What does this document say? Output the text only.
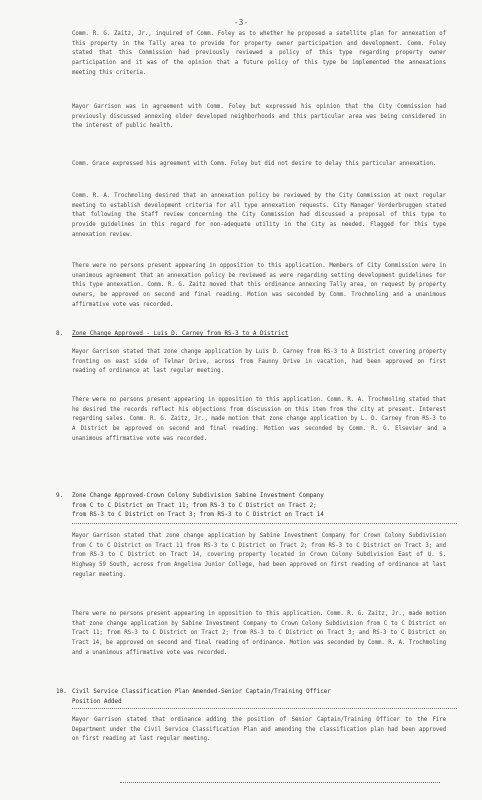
-3-

Comm. R. G. Zaitz, Jr., inquired of Comm. Foley as to whether he proposed a satellite plan for annexation of this property in the Tally area to provide for property owner participation and development. Comm. Foley stated that this Commission had previously reviewed a policy of this type regarding property owner participation and it was of the opinion that a future policy of this type be implemented the annexations meeting this criteria.

Mayor Garrison was in agreement with Comm. Foley but expressed his opinion that the City Commission had previously discussed annexing older developed neighborhoods and this particular area was being considered in the interest of public health.

Comm. Grace expressed his agreement with Comm. Foley but did not desire to delay this particular annexation.

Comm. R. A. Trochmoling desired that an annexation policy be reviewed by the City Commission at next regular meeting to establish development criteria for all type annexation requests. City Manager Vorderbruggen stated that following the Staff review concerning the City Commission had discussed a proposal of this type to provide guidelines in this regard for non-adequate utility in the City as needed. Flagged for this type annexation review.

There were no persons present appearing in opposition to this application. Members of City Commission were in unanimous agreement that an annexation policy be reviewed as were regarding setting development guidelines for this type annexation. Comm. R. G. Zaitz moved that this ordinance annexing Tally area, on request by property owners, be approved on second and final reading. Motion was seconded by Comm. Trochmoling and a unanimous affirmative vote was recorded.

8. Zone Change Approved - Luis D. Carney from RS-3 to A District

Mayor Garrison stated that zone change application by Luis D. Carney from RS-3 to A District covering property fronting on east side of Telmar Drive, across from Faunny Drive in vacation, had been approved on first reading of ordinance at last regular meeting.

There were no persons present appearing in opposition to this application. Comm. R. A. Trochmoling stated that he desired the records reflect his objections from discussion on this item from the city at present. Interest regarding sales. Comm. R. G. Zaitz, Jr., made motion that zone change application by L. D. Carney from RS-3 to A District be approved on second and final reading. Motion was seconded by Comm. R. G. Elsevier and a unanimous affirmative vote was recorded.

9. Zone Change Approved-Crown Colony Subdivision Sabine Investment Company
from C to C District on Tract 11; from RS-3 to C District on Tract 2;
from RS-3 to C District on Tract 3; from RS-3 to C District on Tract 14

Mayor Garrison stated that zone change application by Sabine Investment Company for Crown Colony Subdivision from C to C District on Tract 11 from RS-3 to C District on Tract 2; from RS-3 to C District on Tract 3; and from RS-3 to C District on Tract 14, covering property located in Crown Colony Subdivision East of U. S. Highway 59 South, across from Angelina Junior College, had been approved on first reading of ordinance at last regular meeting.

There were no persons present appearing in opposition to this application. Comm. R. G. Zaitz, Jr., made motion that zone change application by Sabine Investment Company to Crown Colony Subdivision from C to C District on Tract 11; from RS-3 to C District on Tract 2; from RS-3 to C District on Tract 3; and RS-3 to C District on Tract 14, be approved on second and final reading of ordinance. Motion was seconded by Comm. R. A. Trochmoling and a unanimous affirmative vote was recorded.

10. Civil Service Classification Plan Amended-Senior Captain/Training Officer
Position Added

Mayor Garrison stated that ordinance adding the position of Senior Captain/Training Officer to the Fire Department under the Civil Service Classification Plan and amending the classification plan had been approved on first reading at last regular meeting.
